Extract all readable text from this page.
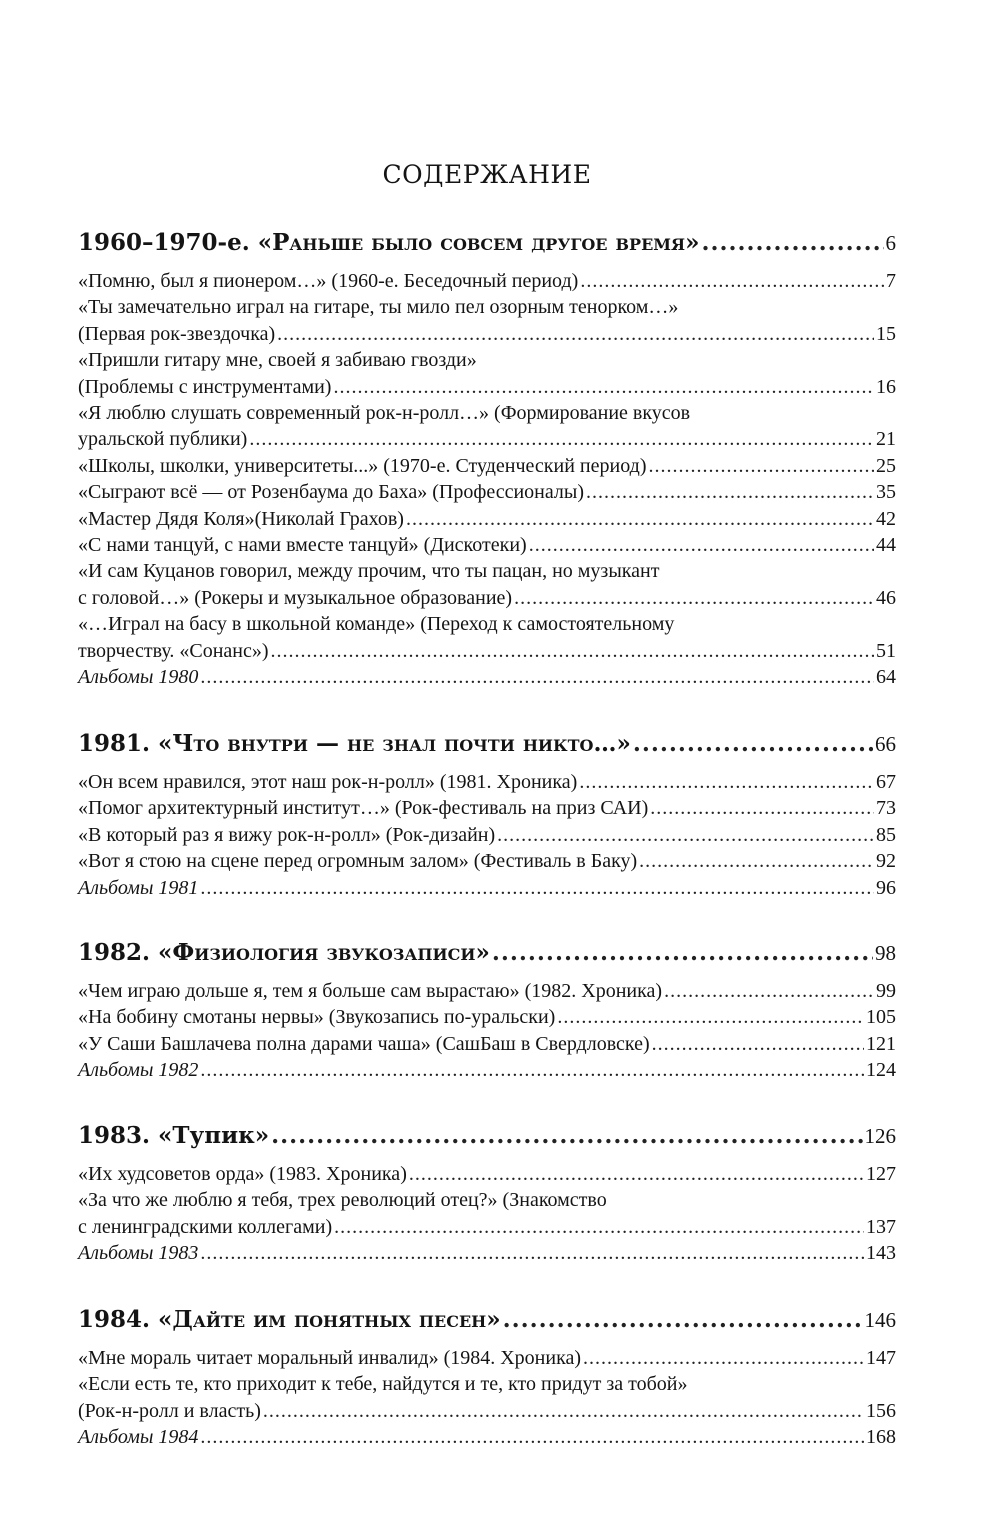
СОДЕРЖАНИЕ
1960–1970-е. «Раньше было совсем другое время» .....	6
«Помню, был я пионером…» (1960-е. Беседочный период) .....	7
«Ты замечательно играл на гитаре, ты мило пел озорным тенорком…»
(Первая рок-звездочка) .....	15
«Пришли гитару мне, своей я забиваю гвозди»
(Проблемы с инструментами) .....	16
«Я люблю слушать современный рок-н-ролл…» (Формирование вкусов
уральской публики) .....	21
«Школы, школки, университеты...» (1970-е. Студенческий период) .....	25
«Сыграют всё — от Розенбаума до Баха» (Профессионалы) .....	35
«Мастер Дядя Коля»(Николай Грахов) .....	42
«С нами танцуй, с нами вместе танцуй» (Дискотеки) .....	44
«И сам Куцанов говорил, между прочим, что ты пацан, но музыкант
с головой…» (Рокеры и музыкальное образование) .....	46
«…Играл на басу в школьной команде» (Переход к самостоятельному
творчеству. «Сонанс») .....	51
Альбомы 1980 .....	64
1981. «Что внутри — не знал почти никто…» .....	66
«Он всем нравился, этот наш рок-н-ролл» (1981. Хроника) .....	67
«Помог архитектурный институт…» (Рок-фестиваль на приз САИ) .....	73
«В который раз я вижу рок-н-ролл» (Рок-дизайн) .....	85
«Вот я стою на сцене перед огромным залом» (Фестиваль в Баку) .....	92
Альбомы 1981 .....	96
1982. «Физиология звукозаписи» .....	98
«Чем играю дольше я, тем я больше сам вырастаю» (1982. Хроника) .....	99
«На бобину смотаны нервы» (Звукозапись по-уральски) .....	105
«У Саши Башлачева полна дарами чаша» (СашБаш в Свердловске) .....	121
Альбомы 1982 .....	124
1983. «Тупик» .....	126
«Их худсоветов орда» (1983. Хроника) .....	127
«За что же люблю я тебя, трех революций отец?» (Знакомство
с ленинградскими коллегами) .....	137
Альбомы 1983 .....	143
1984. «Дайте им понятных песен» .....	146
«Мне мораль читает моральный инвалид» (1984. Хроника) .....	147
«Если есть те, кто приходит к тебе, найдутся и те, кто придут за тобой»
(Рок-н-ролл и власть) .....	156
Альбомы 1984 .....	168
